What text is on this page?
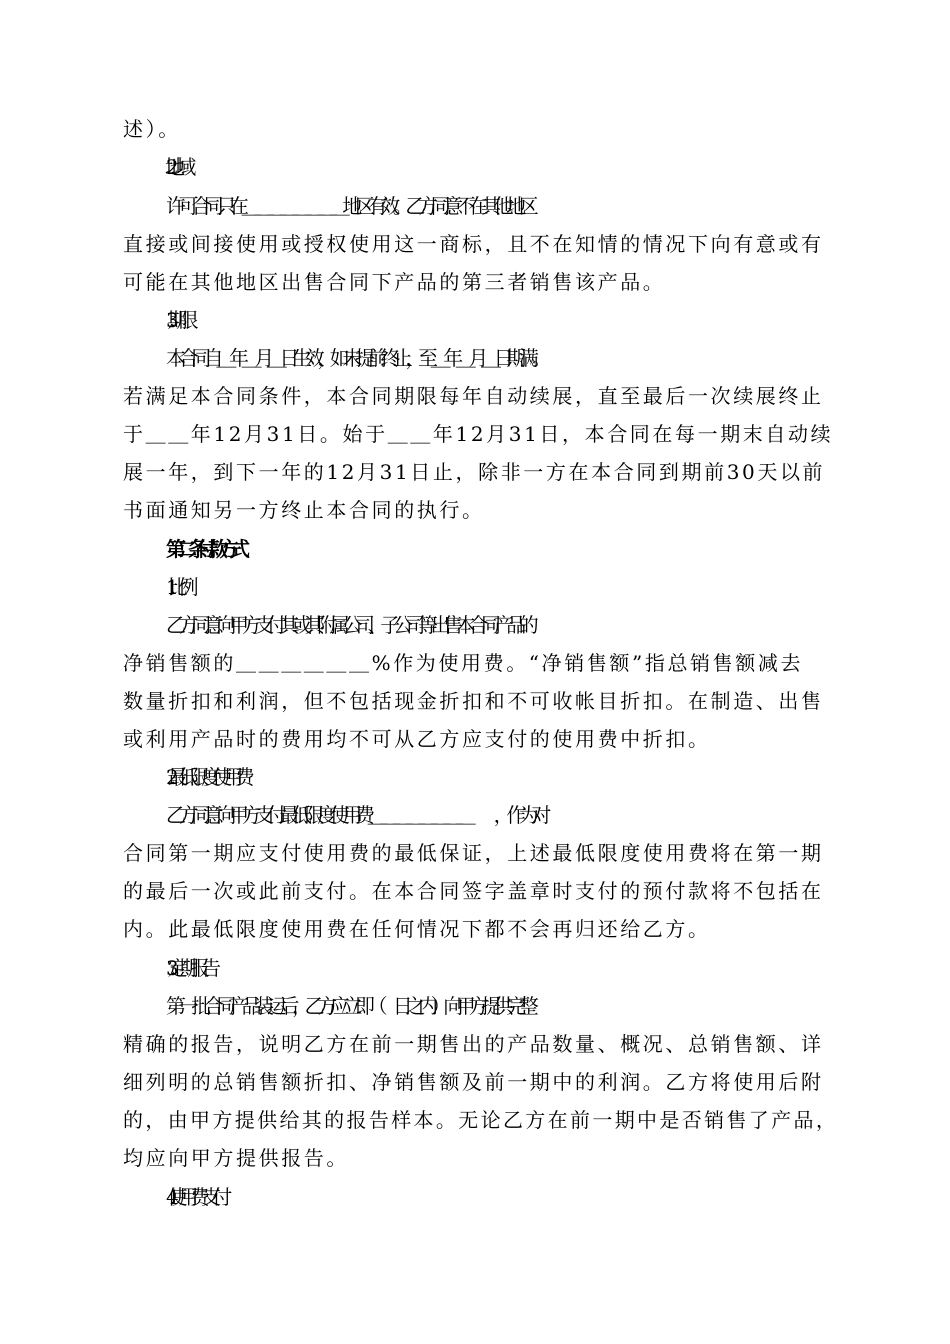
述）。
2. 地域
许可合同只在＿＿＿＿＿＿＿＿地区有效。乙方同意不在其他地区
直接或间接使用或授权使用这一商标，且不在知情的情况下向有意或有
可能在其他地区出售合同下产品的第三者销售该产品。
3.期限
本合同自＿年＿月＿日生效，如未提前终止，至＿年＿月＿日期满。
若满足本合同条件，本合同期限每年自动续展，直至最后一次续展终止
于＿＿年12月31日。始于＿＿年12月31日，本合同在每一期末自动续
展一年，到下一年的12月31日止，除非一方在本合同到期前30天以前
书面通知另一方终止本合同的执行。
第二条 付款方式
1.比例
乙方同意向甲方支付其或其附属公司、子公司等出售本合同产品的
净销售额的＿＿＿＿＿＿%作为使用费。“净销售额”指总销售额减去
数量折扣和利润，但不包括现金折扣和不可收帐目折扣。在制造、出售
或利用产品时的费用均不可从乙方应支付的使用费中折扣。
2.最低限度使用费
乙方同意向甲方支付最低限度使用费＿＿＿＿＿＿＿＿　　，作为对
合同第一期应支付使用费的最低保证，上述最低限度使用费将在第一期
的最后一次或此前支付。在本合同签字盖章时支付的预付款将不包括在
内。此最低限度使用费在任何情况下都不会再归还给乙方。
3.定期报告
第一批合同产品装运后，乙方应立即（　日之内）向甲方提供完整
精确的报告，说明乙方在前一期售出的产品数量、概况、总销售额、详
细列明的总销售额折扣、净销售额及前一期中的利润。乙方将使用后附
的，由甲方提供给其的报告样本。无论乙方在前一期中是否销售了产品，
均应向甲方提供报告。
4.使用费支付
